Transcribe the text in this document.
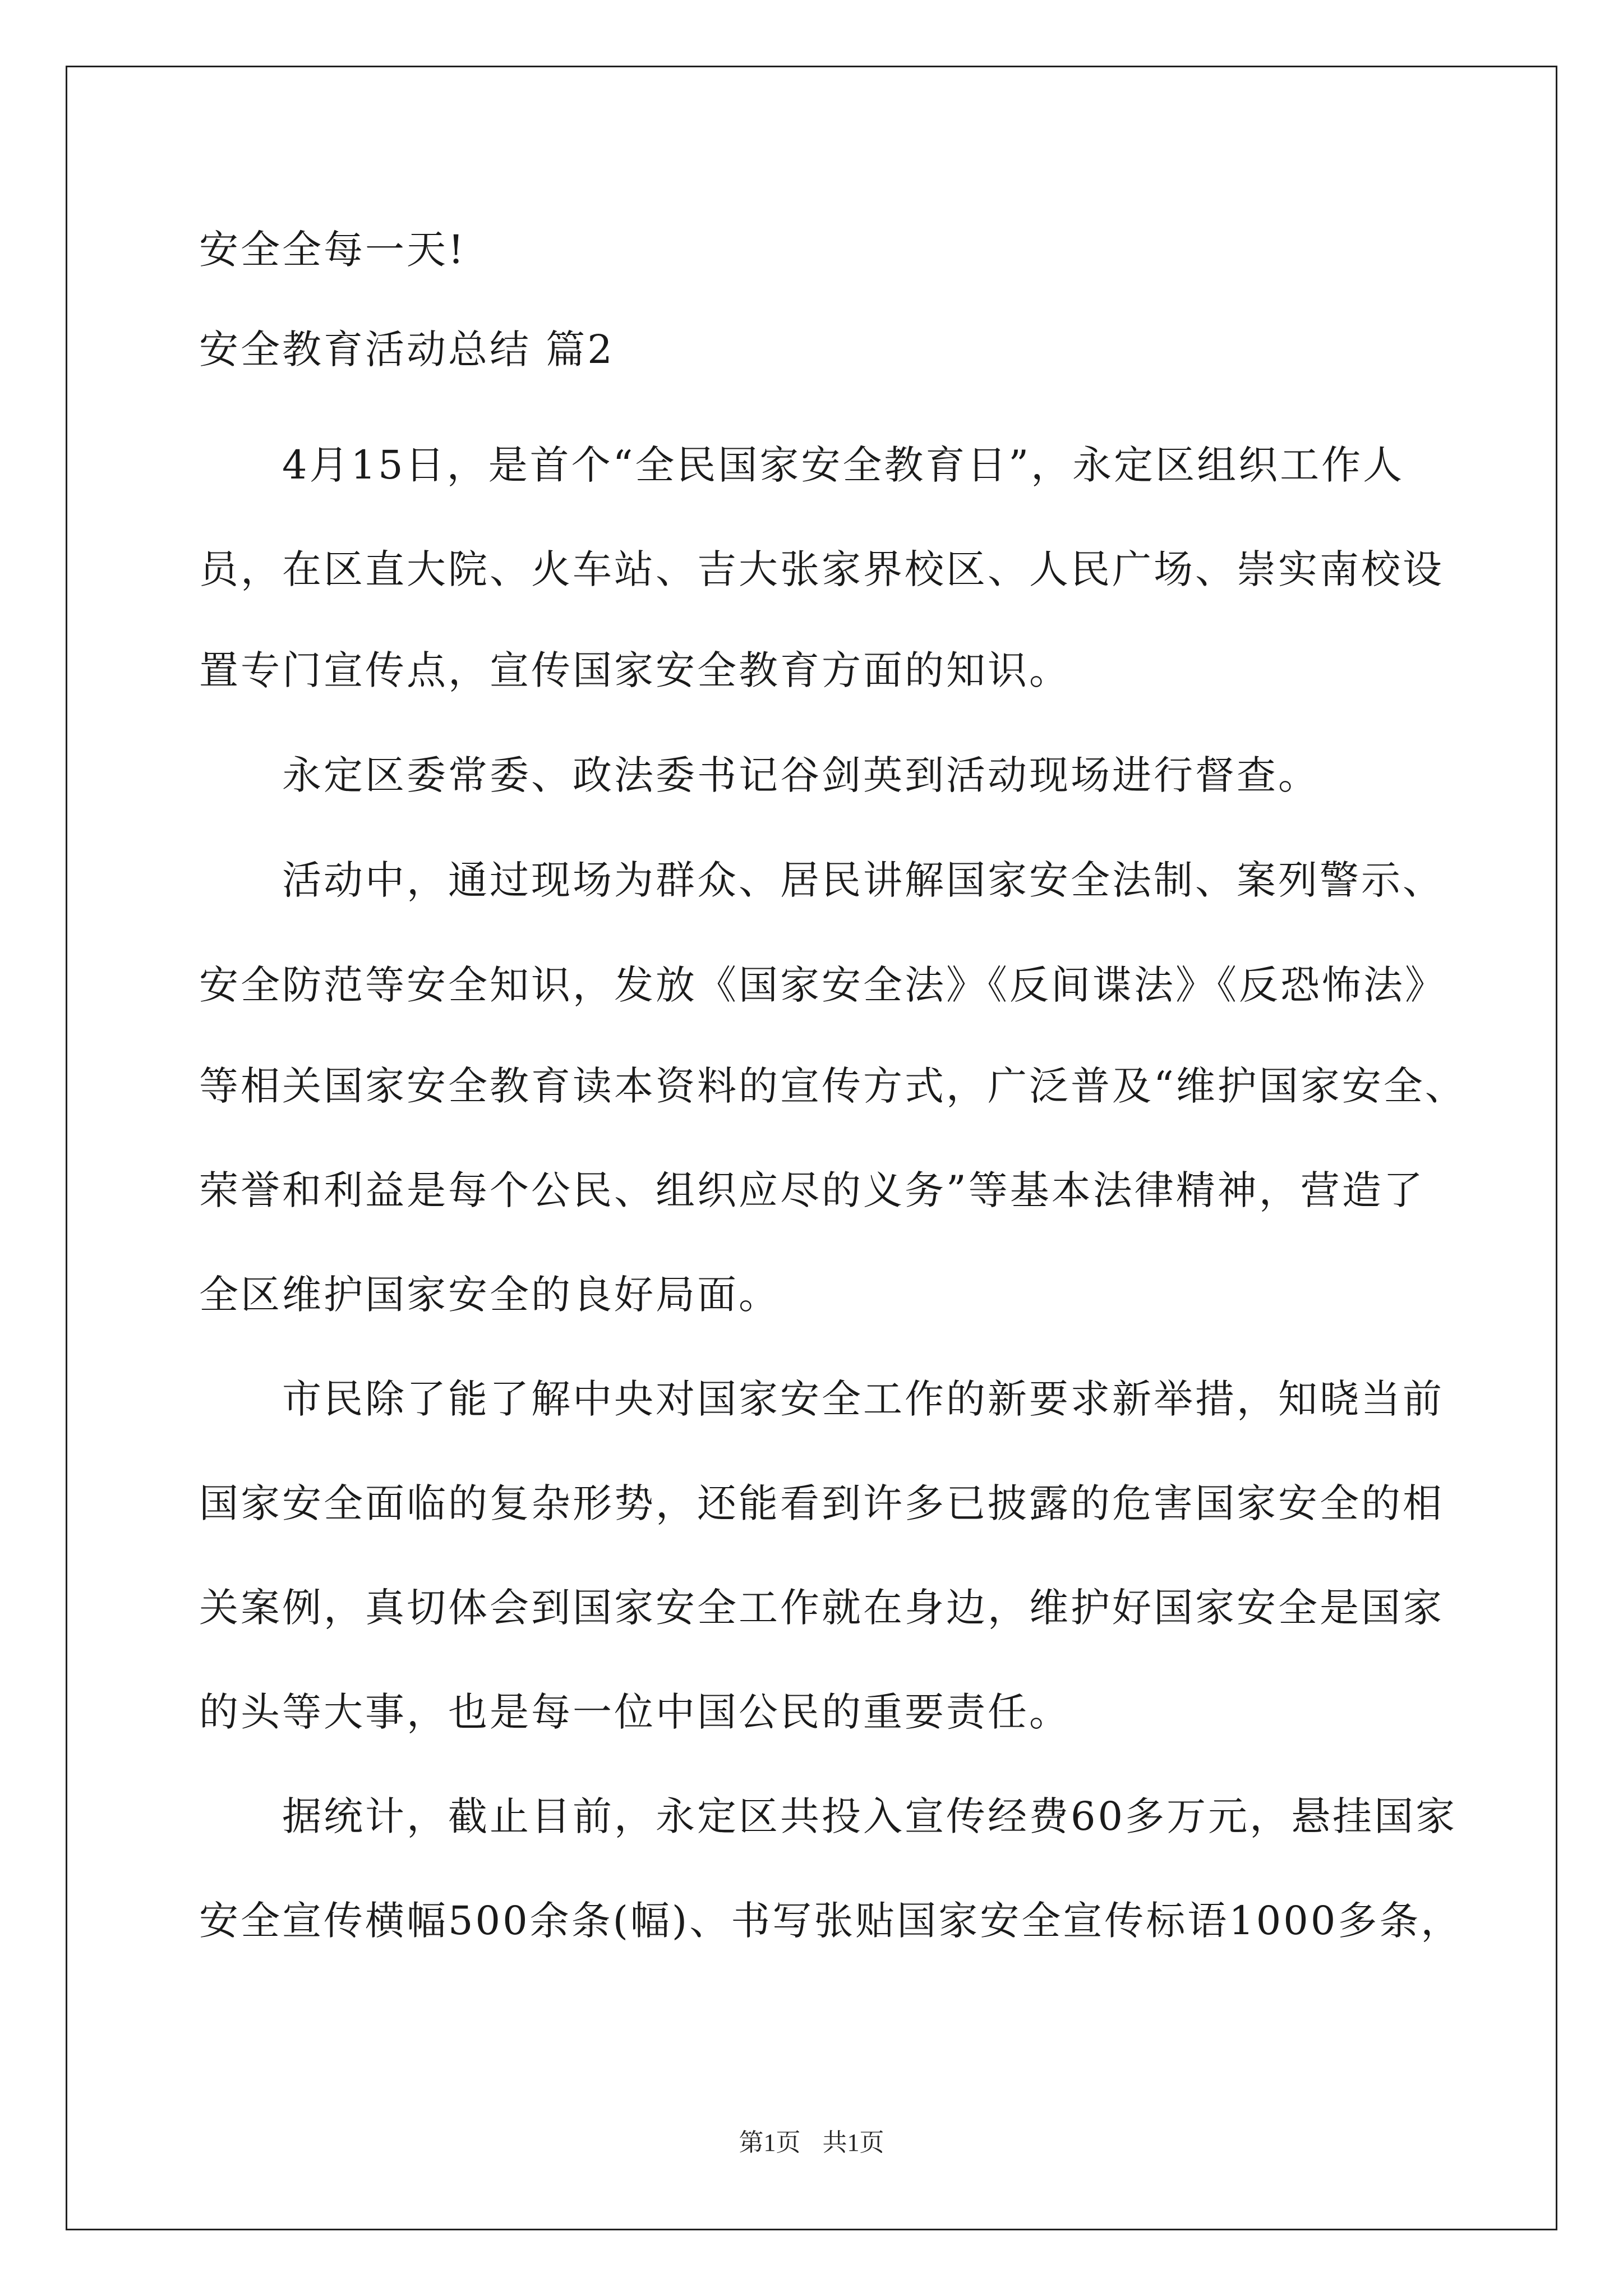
安全全每一天!
安全教育活动总结 篇2
4月15日，是首个“全民国家安全教育日”，永定区组织工作人
员，在区直大院、火车站、吉大张家界校区、人民广场、崇实南校设
置专门宣传点，宣传国家安全教育方面的知识。
永定区委常委、政法委书记谷剑英到活动现场进行督查。
活动中，通过现场为群众、居民讲解国家安全法制、案列警示、
安全防范等安全知识，发放《国家安全法》《反间谍法》《反恐怖法》
等相关国家安全教育读本资料的宣传方式，广泛普及“维护国家安全、
荣誉和利益是每个公民、组织应尽的义务”等基本法律精神，营造了
全区维护国家安全的良好局面。
市民除了能了解中央对国家安全工作的新要求新举措，知晓当前
国家安全面临的复杂形势，还能看到许多已披露的危害国家安全的相
关案例，真切体会到国家安全工作就在身边，维护好国家安全是国家
的头等大事，也是每一位中国公民的重要责任。
据统计，截止目前，永定区共投入宣传经费60多万元，悬挂国家
安全宣传横幅500余条(幅)、书写张贴国家安全宣传标语1000多条，
第1页 共1页
